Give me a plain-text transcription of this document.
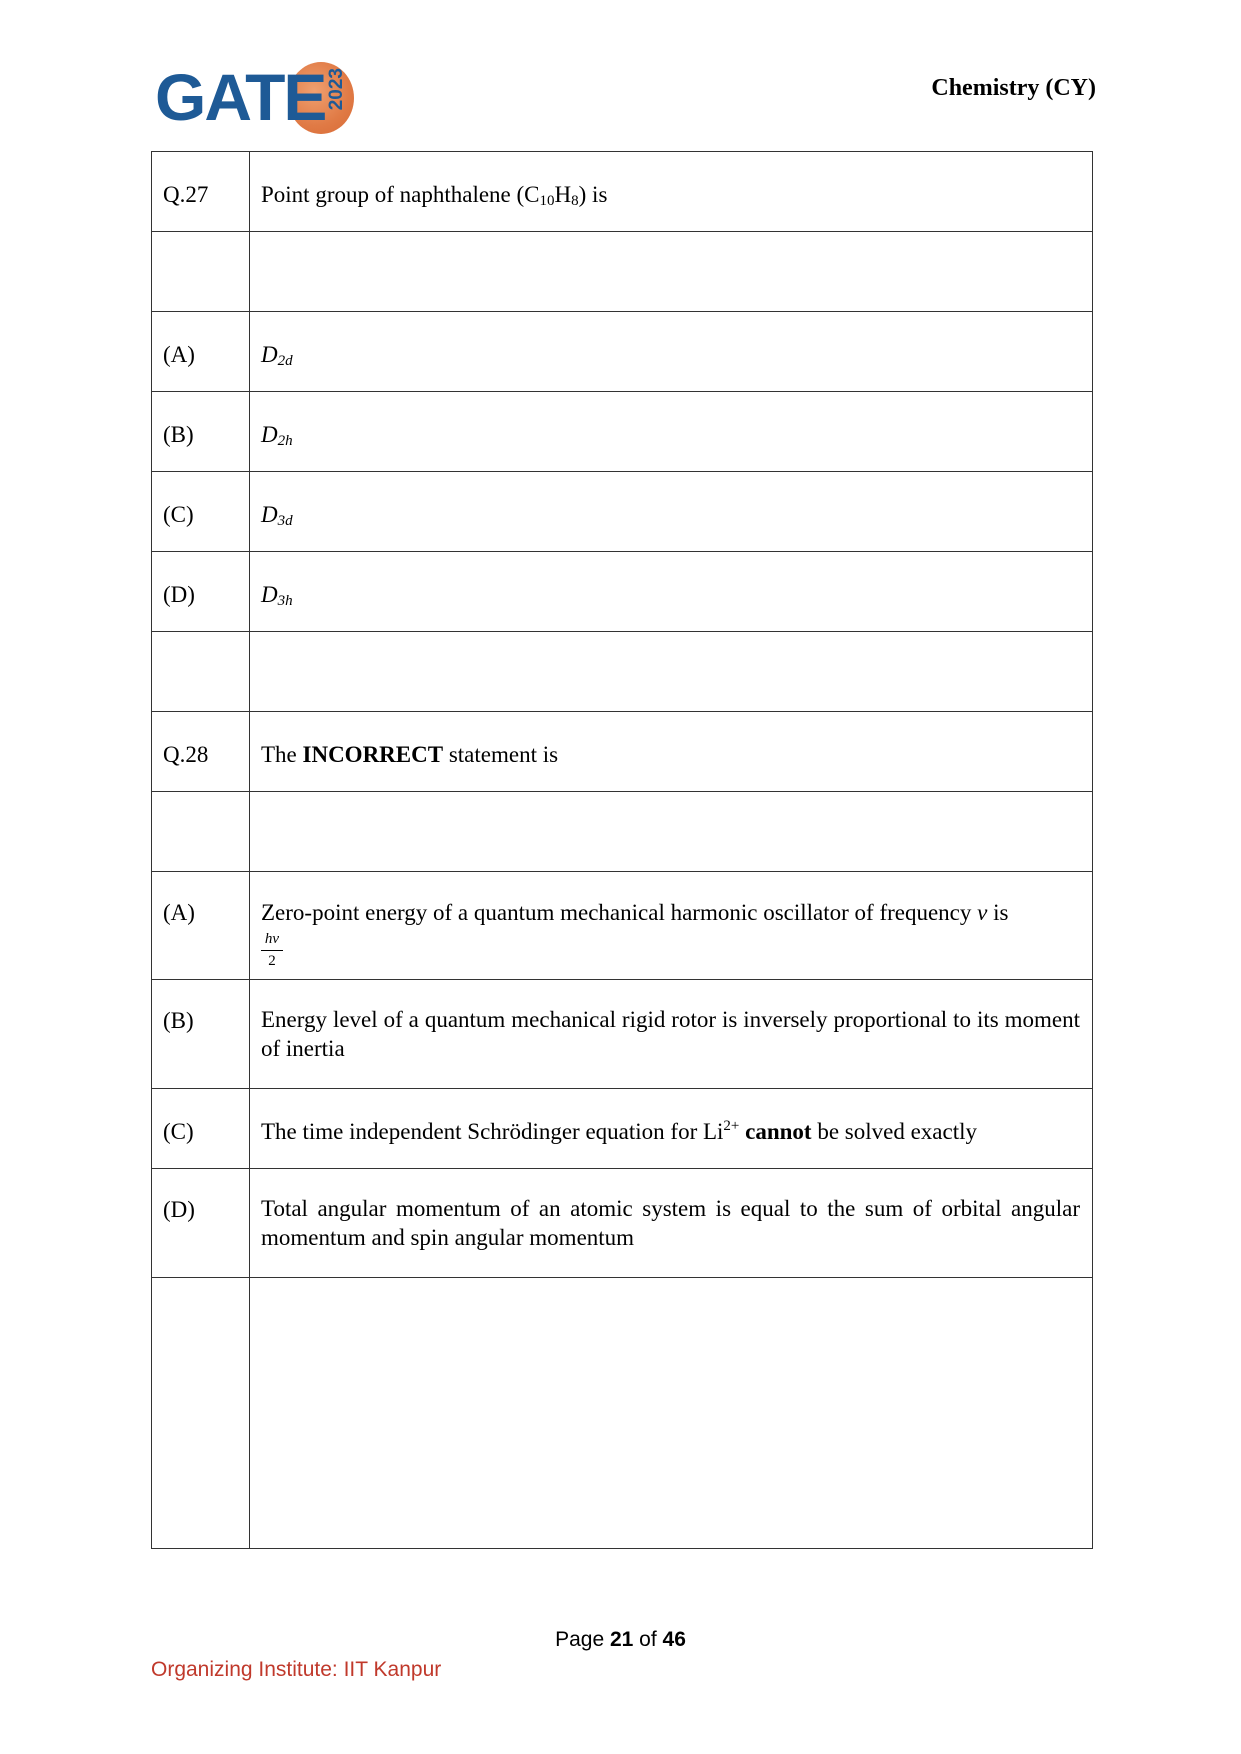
GATE 2023	Chemistry (CY)
Q.27	Point group of naphthalene $(C_{10}H_8)$ is

(A)	$D_{2d}$
(B)	$D_{2h}$
(C)	$D_{3d}$
(D)	$D_{3h}$

Q.28	The INCORRECT statement is

(A)	Zero-point energy of a quantum mechanical harmonic oscillator of frequency ν is
hν
2

(B)	Energy level of a quantum mechanical rigid rotor is inversely proportional to its moment of inertia
(C)	The time independent Schrödinger equation for $Li^{2+}$ cannot be solved exactly
(D)	Total angular momentum of an atomic system is equal to the sum of orbital angular momentum and spin angular momentum

Page 21 of 46
Organizing Institute: IIT Kanpur
